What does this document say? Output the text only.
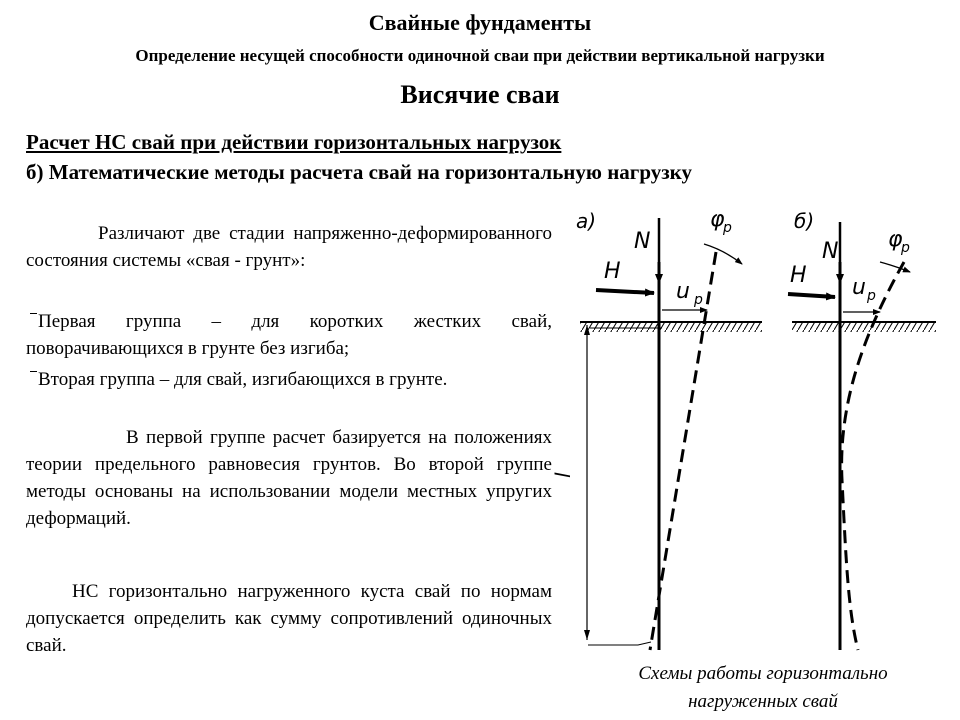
Свайные фундаменты
Определение несущей способности одиночной сваи при действии вертикальной нагрузки
Висячие сваи
Расчет НС свай при действии горизонтальных нагрузок
б) Математические методы расчета свай на горизонтальную нагрузку
Различают две стадии напряженно-деформированного состояния системы «свая - грунт»:
Первая группа – для коротких жестких свай, поворачивающихся в грунте без изгиба;
Вторая группа – для свай, изгибающихся в грунте.
В первой группе расчет базируется на положениях теории предельного равновесия грунтов. Во второй группе методы основаны на использовании модели местных упругих деформаций.
НС горизонтально нагруженного куста свай по нормам допускается определить как сумму сопротивлений одиночных свай.
а)	б)
N
H
u p
φ
p
l
N
H u p
φ
p
Схемы работы горизонтально
нагруженных свай
